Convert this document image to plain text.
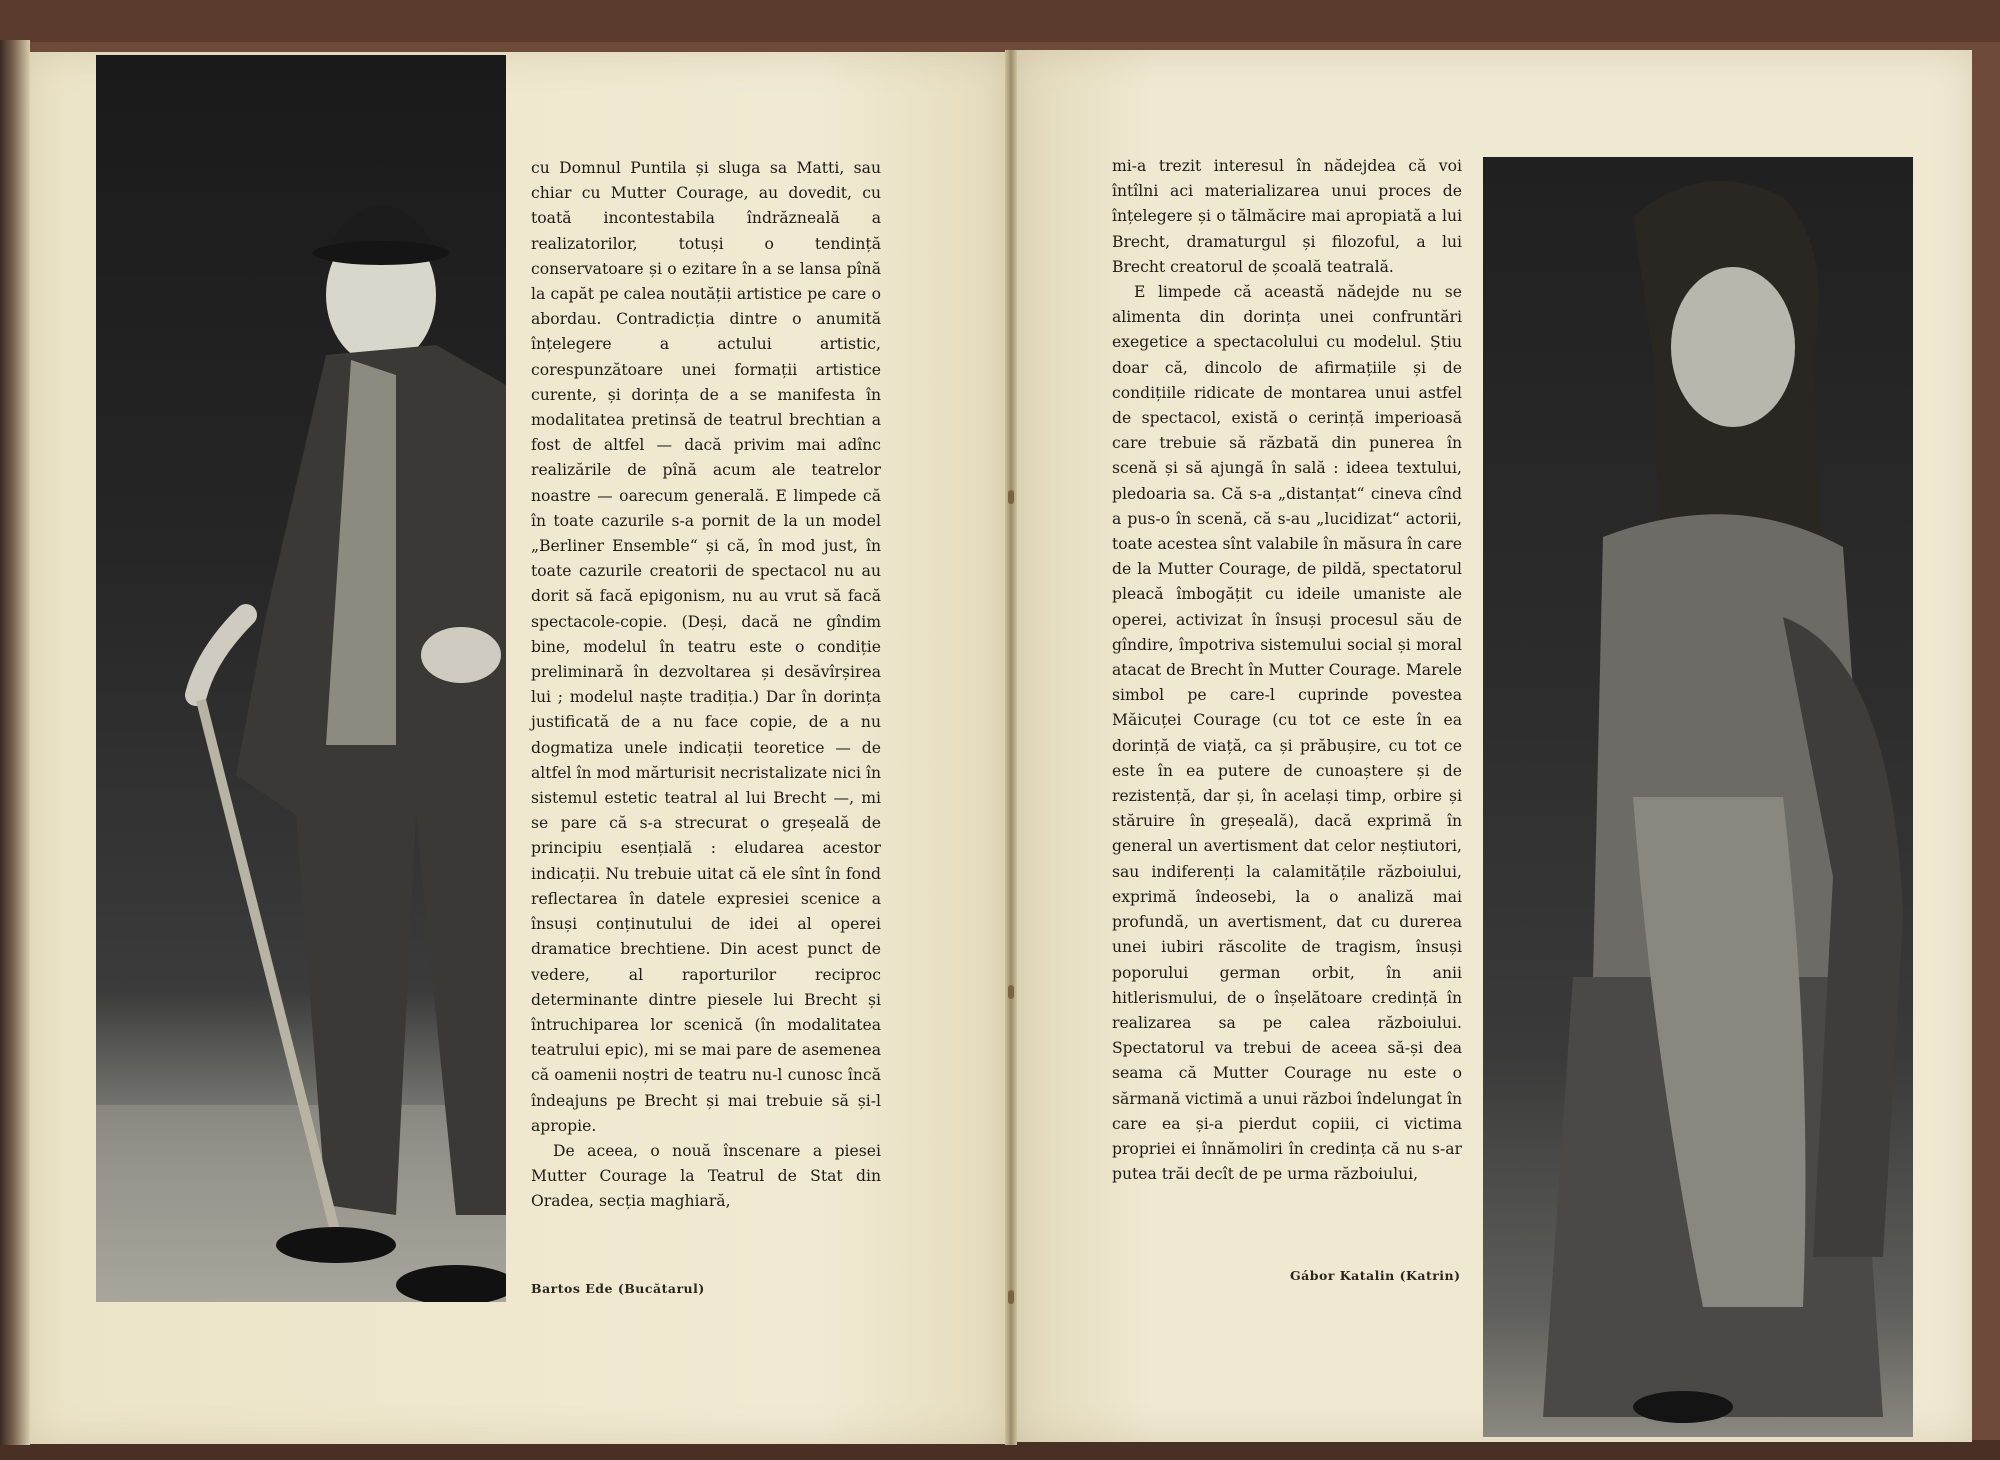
cu Domnul Puntila și sluga sa Matti, sau chiar cu Mutter Courage, au dovedit, cu toată incontestabila îndrăzneală a realizatorilor, totuși o tendință conservatoare și o ezitare în a se lansa pînă la capăt pe calea noutății artistice pe care o abordau. Contradicția dintre o anumită înțelegere a actului artistic, corespunzătoare unei formații artistice curente, și dorința de a se manifesta în modalitatea pretinsă de teatrul brechtian a fost de altfel — dacă privim mai adînc realizările de pînă acum ale teatrelor noastre — oarecum generală. E limpede că în toate cazurile s-a pornit de la un model „Berliner Ensemble“ și că, în mod just, în toate cazurile creatorii de spectacol nu au dorit să facă epigonism, nu au vrut să facă spectacole-copie. (Deși, dacă ne gîndim bine, modelul în teatru este o condiție preliminară în dezvoltarea și desăvîrșirea lui ; modelul naște tradiția.) Dar în dorința justificată de a nu face copie, de a nu dogmatiza unele indicații teoretice — de altfel în mod mărturisit necristalizate nici în sistemul estetic teatral al lui Brecht —, mi se pare că s-a strecurat o greșeală de principiu esențială : eludarea acestor indicații. Nu trebuie uitat că ele sînt în fond reflectarea în datele expresiei scenice a însuși conținutului de idei al operei dramatice brechtiene. Din acest punct de vedere, al raporturilor reciproc determinante dintre piesele lui Brecht și întruchiparea lor scenică (în modalitatea teatrului epic), mi se mai pare de asemenea că oamenii noștri de teatru nu-l cunosc încă îndeajuns pe Brecht și mai trebuie să și-l apropie.

De aceea, o nouă înscenare a piesei Mutter Courage la Teatrul de Stat din Oradea, secția maghiară,

Bartos Ede (Bucătarul)

mi-a trezit interesul în nădejdea că voi întîlni aci materializarea unui proces de înțelegere și o tălmăcire mai apropiată a lui Brecht, dramaturgul și filozoful, a lui Brecht creatorul de școală teatrală.

E limpede că această nădejde nu se alimenta din dorința unei confruntări exegetice a spectacolului cu modelul. Știu doar că, dincolo de afirmațiile și de condițiile ridicate de montarea unui astfel de spectacol, există o cerință imperioasă care trebuie să răzbată din punerea în scenă și să ajungă în sală : ideea textului, pledoaria sa. Că s-a „distanțat“ cineva cînd a pus-o în scenă, că s-au „lucidizat“ actorii, toate acestea sînt valabile în măsura în care de la Mutter Courage, de pildă, spectatorul pleacă îmbogățit cu ideile umaniste ale operei, activizat în însuși procesul său de gîndire, împotriva sistemului social și moral atacat de Brecht în Mutter Courage. Marele simbol pe care-l cuprinde povestea Măicuței Courage (cu tot ce este în ea dorință de viață, ca și prăbușire, cu tot ce este în ea putere de cunoaștere și de rezistență, dar și, în același timp, orbire și stăruire în greșeală), dacă exprimă în general un avertisment dat celor neștiutori, sau indiferenți la calamitățile războiului, exprimă îndeosebi, la o analiză mai profundă, un avertisment, dat cu durerea unei iubiri răscolite de tragism, însuși poporului german orbit, în anii hitlerismului, de o înșelătoare credință în realizarea sa pe calea războiului. Spectatorul va trebui de aceea să-și dea seama că Mutter Courage nu este o sărmană victimă a unui război îndelungat în care ea și-a pierdut copiii, ci victima propriei ei înnămoliri în credința că nu s-ar putea trăi decît de pe urma războiului,

Gábor Katalin (Katrin)
